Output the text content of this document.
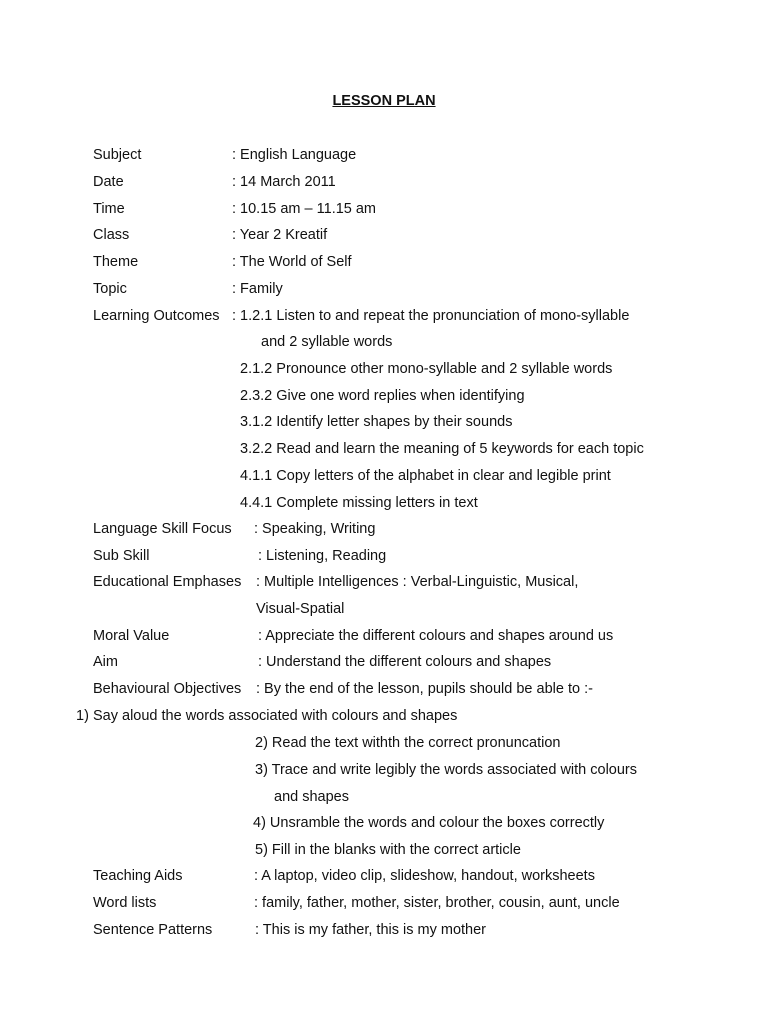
LESSON PLAN
Subject	: English Language
Date	: 14 March 2011
Time	: 10.15 am – 11.15 am
Class	: Year 2 Kreatif
Theme	: The World of Self
Topic	: Family
Learning Outcomes : 1.2.1 Listen to and repeat the pronunciation of mono-syllable
and 2 syllable words
2.1.2 Pronounce other mono-syllable and 2 syllable words
2.3.2 Give one word replies when identifying
3.1.2 Identify letter shapes by their sounds
3.2.2 Read and learn the meaning of 5 keywords for each topic
4.1.1 Copy letters of the alphabet in clear and legible print
4.4.1 Complete missing letters in text
Language Skill Focus : Speaking, Writing
Sub Skill	: Listening, Reading
Educational Emphases : Multiple Intelligences : Verbal-Linguistic, Musical,
Visual-Spatial
Moral Value	: Appreciate the different colours and shapes around us
Aim	: Understand the different colours and shapes
Behavioural Objectives : By the end of the lesson, pupils should be able to :-
1) Say aloud the words associated with colours and shapes
2) Read the text withth the correct pronuncation
3) Trace and write legibly the words associated with colours
and shapes
4) Unsramble the words and colour the boxes correctly
5) Fill in the blanks with the correct article
Teaching Aids	: A laptop, video clip, slideshow, handout, worksheets
Word lists	: family, father, mother, sister, brother, cousin, aunt, uncle
Sentence Patterns	: This is my father, this is my mother
